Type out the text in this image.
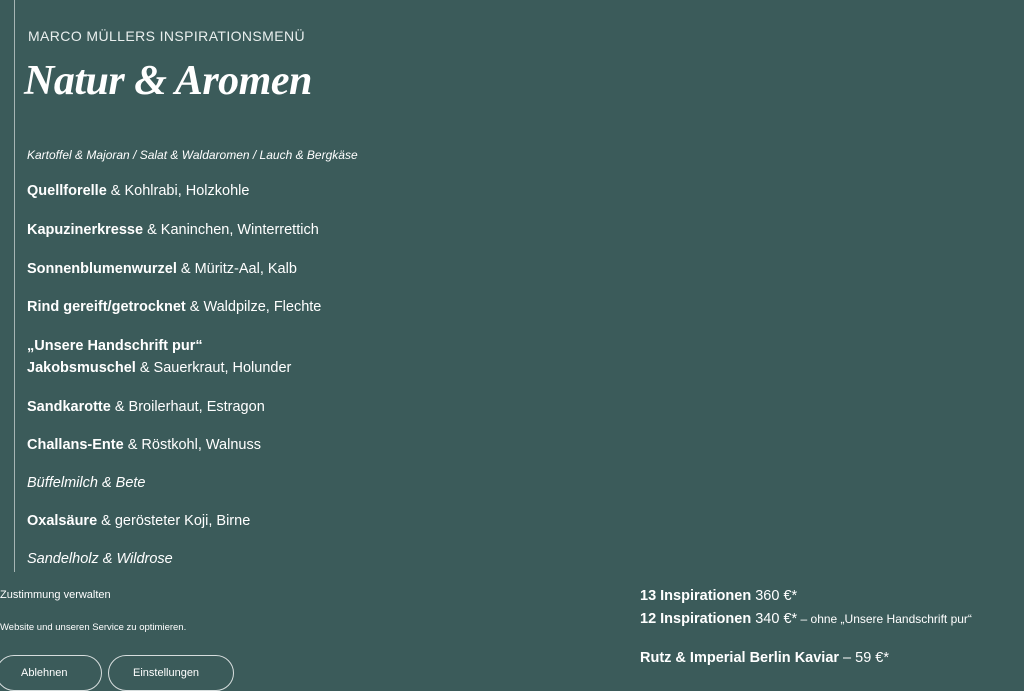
MARCO MÜLLERS INSPIRATIONSMENÜ
Natur & Aromen
Kartoffel & Majoran / Salat & Waldaromen / Lauch & Bergkäse
Quellforelle & Kohlrabi, Holzkohle
Kapuzinerkresse & Kaninchen, Winterrettich
Sonnenblumenwurzel & Müritz-Aal, Kalb
Rind gereift/getrocknet & Waldpilze, Flechte
„Unsere Handschrift pur“
Jakobsmuschel & Sauerkraut, Holunder
Sandkarotte & Broilerhaut, Estragon
Challans-Ente & Röstkohl, Walnuss
Büffelmilch & Bete
Oxalsäure & gerösteter Koji, Birne
Sandelholz & Wildrose
Zustimmung verwalten
Website und unseren Service zu optimieren.
Ablehnen	Einstellungen
13 Inspirationen 360 €*
12 Inspirationen 340 €* – ohne „Unsere Handschrift pur“
Rutz & Imperial Berlin Kaviar – 59 €*
